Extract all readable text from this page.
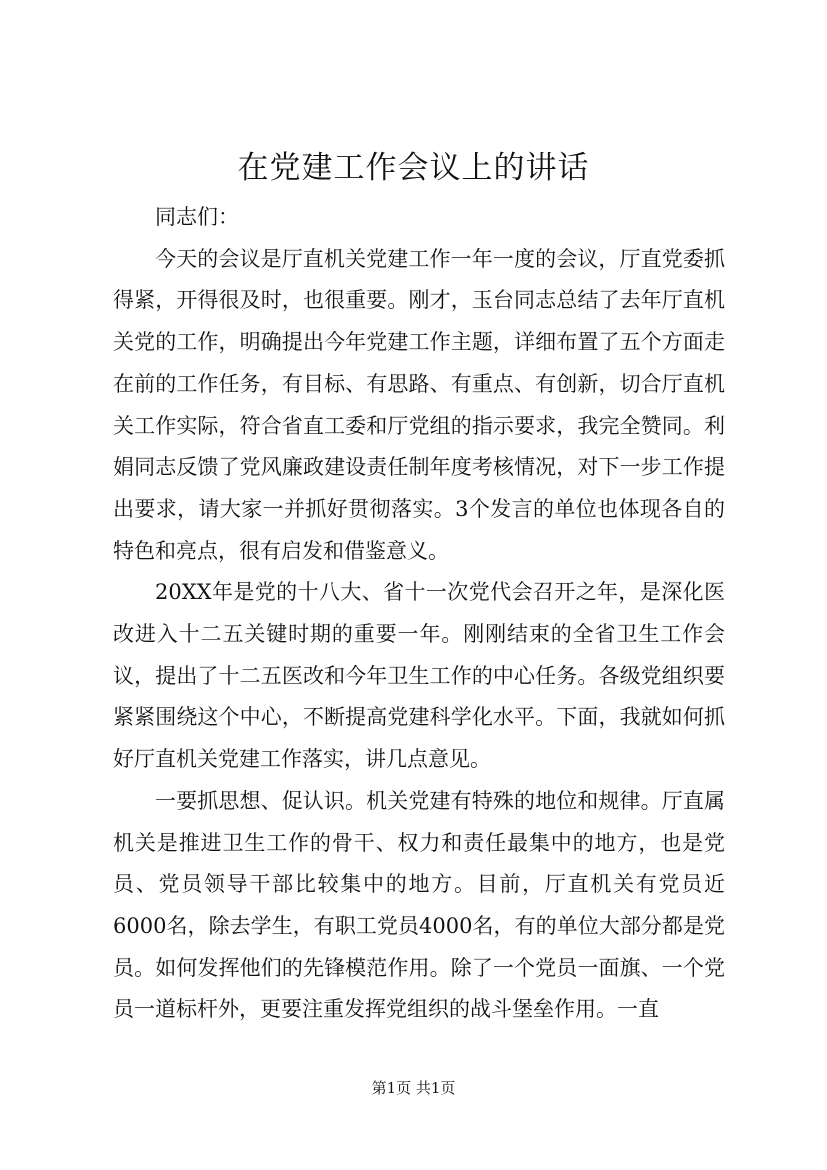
在党建工作会议上的讲话

同志们：

今天的会议是厅直机关党建工作一年一度的会议，厅直党委抓得紧，开得很及时，也很重要。刚才，玉台同志总结了去年厅直机关党的工作，明确提出今年党建工作主题，详细布置了五个方面走在前的工作任务，有目标、有思路、有重点、有创新，切合厅直机关工作实际，符合省直工委和厅党组的指示要求，我完全赞同。利娟同志反馈了党风廉政建设责任制年度考核情况，对下一步工作提出要求，请大家一并抓好贯彻落实。3个发言的单位也体现各自的特色和亮点，很有启发和借鉴意义。

20XX年是党的十八大、省十一次党代会召开之年，是深化医改进入十二五关键时期的重要一年。刚刚结束的全省卫生工作会议，提出了十二五医改和今年卫生工作的中心任务。各级党组织要紧紧围绕这个中心，不断提高党建科学化水平。下面，我就如何抓好厅直机关党建工作落实，讲几点意见。

一要抓思想、促认识。机关党建有特殊的地位和规律。厅直属机关是推进卫生工作的骨干、权力和责任最集中的地方，也是党员、党员领导干部比较集中的地方。目前，厅直机关有党员近6000名，除去学生，有职工党员4000名，有的单位大部分都是党员。如何发挥他们的先锋模范作用。除了一个党员一面旗、一个党员一道标杆外，更要注重发挥党组织的战斗堡垒作用。一直

第1页 共1页
